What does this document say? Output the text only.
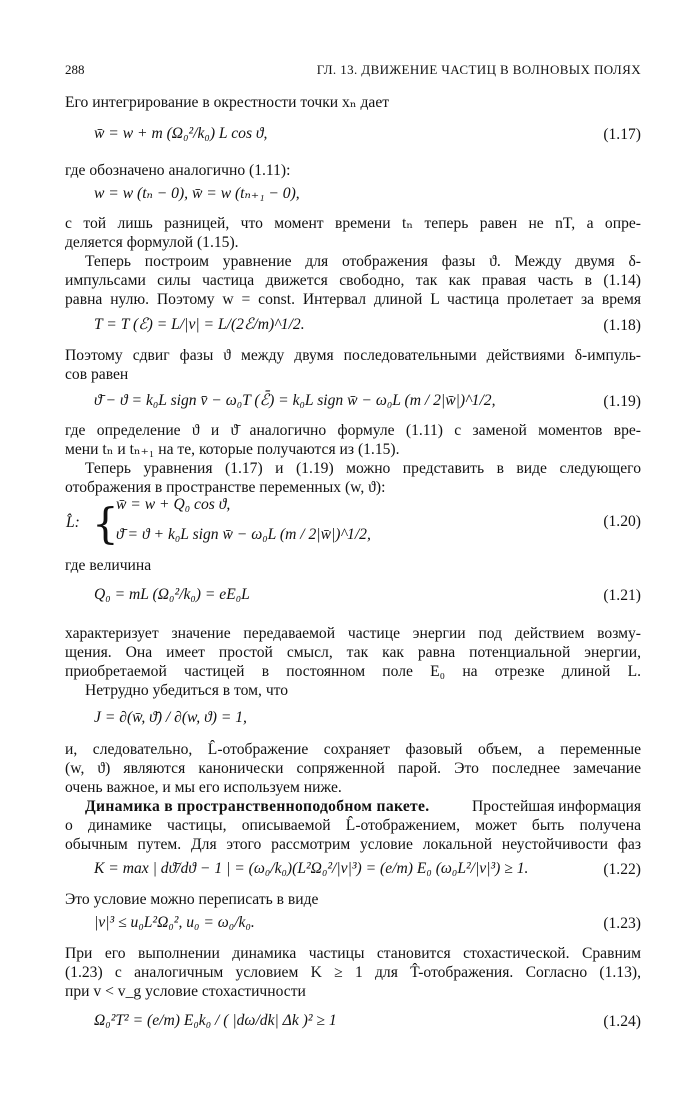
288	ГЛ. 13. ДВИЖЕНИЕ ЧАСТИЦ В ВОЛНОВЫХ ПОЛЯХ
Его интегрирование в окрестности точки xₙ дает
w̄ = w + m (Ω₀²/k₀) L cos ϑ,	(1.17)
где обозначено аналогично (1.11):
w = w (tₙ − 0), w̄ = w (tₙ₊₁ − 0),
с той лишь разницей, что момент времени tₙ теперь равен не nT, а опре-
деляется формулой (1.15).
Теперь построим уравнение для отображения фазы ϑ. Между двумя δ-
импульсами силы частица движется свободно, так как правая часть в (1.14)
равна нулю. Поэтому w = const. Интервал длиной L частица пролетает за время
T = T (ℰ) = L/|v| = L/(2ℰ/m)^1/2.	(1.18)
Поэтому сдвиг фазы ϑ между двумя последовательными действиями δ-импуль-
сов равен
ϑ̄ − ϑ = k₀L sign v̄ − ω₀T (ℰ̄) = k₀L sign w̄ − ω₀L (m / 2|w̄|)^1/2,	(1.19)
где определение ϑ и ϑ̄ аналогично формуле (1.11) с заменой моментов вре-
мени tₙ и tₙ₊₁ на те, которые получаются из (1.15).
Теперь уравнения (1.17) и (1.19) можно представить в виде следующего
отображения в пространстве переменных (w, ϑ):
L̂: {
w̄ = w + Q₀ cos ϑ,
ϑ̄ = ϑ + k₀L sign w̄ − ω₀L (m / 2|w̄|)^1/2,
(1.20)
где величина
Q₀ = mL (Ω₀²/k₀) = eE₀L	(1.21)
характеризует значение передаваемой частице энергии под действием возму-
щения. Она имеет простой смысл, так как равна потенциальной энергии,
приобретаемой частицей в постоянном поле E₀ на отрезке длиной L.
Нетрудно убедиться в том, что
J = ∂(w̄, ϑ̄) / ∂(w, ϑ) = 1,
и, следовательно, L̂-отображение сохраняет фазовый объем, а переменные
(w, ϑ) являются канонически сопряженной парой. Это последнее замечание
очень важное, и мы его используем ниже.
Динамика в пространственноподобном пакете.	Простейшая информация
о динамике частицы, описываемой L̂-отображением, может быть получена
обычным путем. Для этого рассмотрим условие локальной неустойчивости фаз
K = max | dϑ̄/dϑ − 1 | = (ω₀/k₀)(L²Ω₀²/|v|³) = (e/m) E₀ (ω₀L²/|v|³) ≥ 1.	(1.22)
Это условие можно переписать в виде
|v|³ ≤ u₀L²Ω₀², u₀ = ω₀/k₀.	(1.23)
При его выполнении динамика частицы становится стохастической. Сравним
(1.23) с аналогичным условием K ≥ 1 для T̂-отображения. Согласно (1.13),
при v < v_g условие стохастичности
Ω₀²T² = (e/m) E₀k₀ / ( |dω/dk| Δk )² ≥ 1	(1.24)
